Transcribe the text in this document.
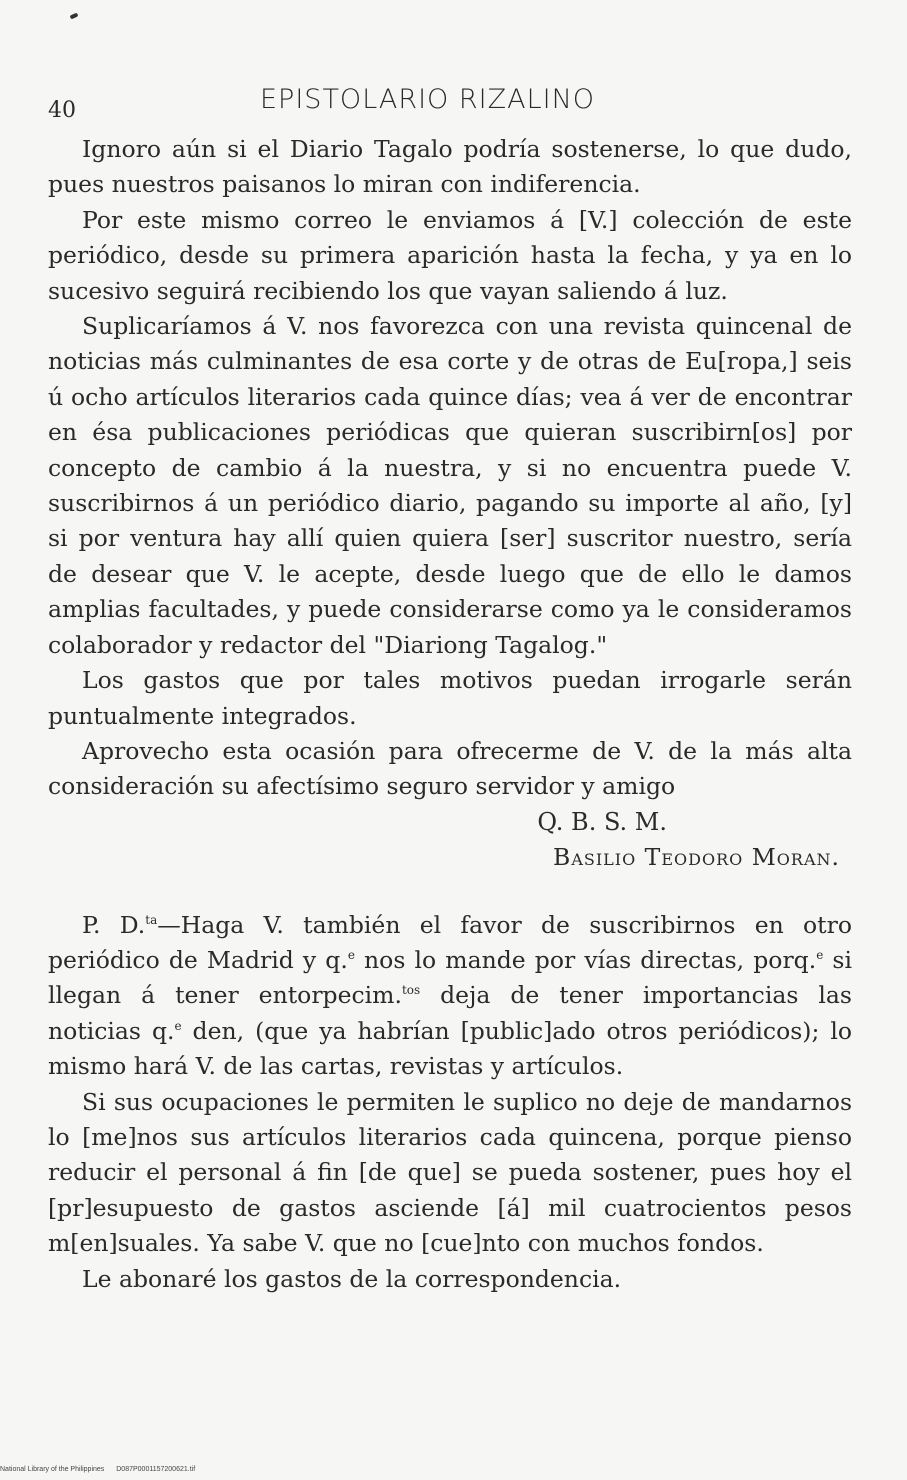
40	EPISTOLARIO RIZALINO

Ignoro aún si el Diario Tagalo podría sostenerse, lo que dudo, pues nuestros paisanos lo miran con indiferencia.

Por este mismo correo le enviamos á [V.] colección de este periódico, desde su primera aparición hasta la fecha, y ya en lo sucesivo seguirá recibiendo los que vayan saliendo á luz.

Suplicaríamos á V. nos favorezca con una revista quincenal de noticias más culminantes de esa corte y de otras de Eu[ropa,] seis ú ocho artículos literarios cada quince días; vea á ver de encontrar en ésa publicaciones periódicas que quieran suscribirn[os] por concepto de cambio á la nuestra, y si no encuentra puede V. suscribirnos á un periódico diario, pagando su importe al año, [y] si por ventura hay allí quien quiera [ser] suscritor nuestro, sería de desear que V. le acepte, desde luego que de ello le damos amplias facultades, y puede considerarse como ya le consideramos colaborador y redactor del "Diariong Tagalog."

Los gastos que por tales motivos puedan irrogarle serán puntualmente integrados.

Aprovecho esta ocasión para ofrecerme de V. de la más alta consideración su afectísimo seguro servidor y amigo

Q. B. S. M.

Basilio Teodoro Moran.

P. D.$^{ta}$—Haga V. también el favor de suscribirnos en otro periódico de Madrid y q.$^e$ nos lo mande por vías directas, porq.$^e$ si llegan á tener entorpecim.$^{tos}$ deja de tener importancias las noticias q.$^e$ den, (que ya habrían [public]ado otros periódicos); lo mismo hará V. de las cartas, revistas y artículos.

Si sus ocupaciones le permiten le suplico no deje de mandarnos lo [me]nos sus artículos literarios cada quincena, porque pienso reducir el personal á fin [de que] se pueda sostener, pues hoy el [pr]esupuesto de gastos asciende [á] mil cuatrocientos pesos m[en]suales. Ya sabe V. que no [cue]nto con muchos fondos.

Le abonaré los gastos de la correspondencia.

National Library of the Philippines D087P0001157200621.tif
